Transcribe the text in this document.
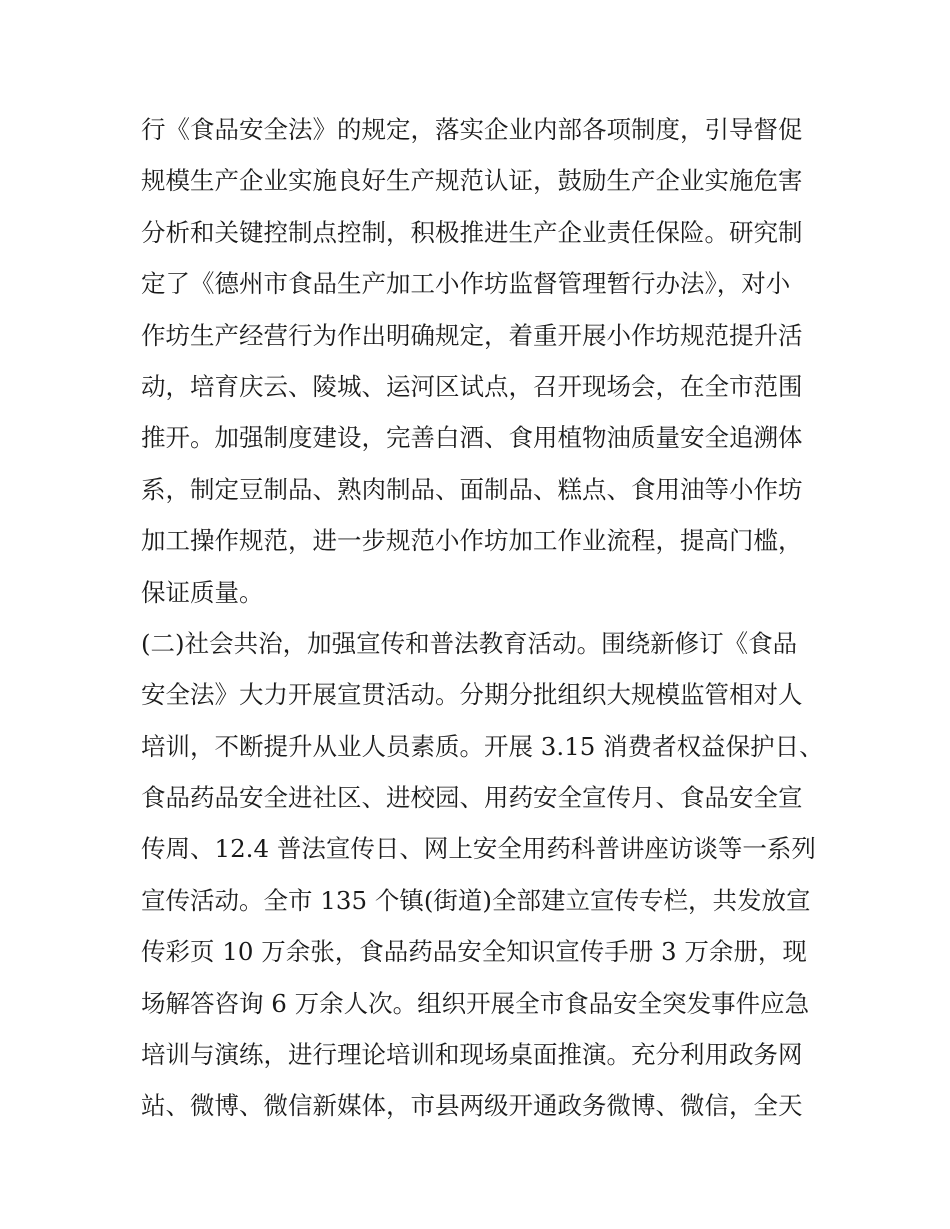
行《食品安全法》的规定，落实企业内部各项制度，引导督促
规模生产企业实施良好生产规范认证，鼓励生产企业实施危害
分析和关键控制点控制，积极推进生产企业责任保险。研究制
定了《德州市食品生产加工小作坊监督管理暂行办法》，对小
作坊生产经营行为作出明确规定，着重开展小作坊规范提升活
动，培育庆云、陵城、运河区试点，召开现场会，在全市范围
推开。加强制度建设，完善白酒、食用植物油质量安全追溯体
系，制定豆制品、熟肉制品、面制品、糕点、食用油等小作坊
加工操作规范，进一步规范小作坊加工作业流程，提高门槛，
保证质量。
(二)社会共治，加强宣传和普法教育活动。围绕新修订《食品
安全法》大力开展宣贯活动。分期分批组织大规模监管相对人
培训，不断提升从业人员素质。开展 3.15 消费者权益保护日、
食品药品安全进社区、进校园、用药安全宣传月、食品安全宣
传周、12.4 普法宣传日、网上安全用药科普讲座访谈等一系列
宣传活动。全市 135 个镇(街道)全部建立宣传专栏，共发放宣
传彩页 10 万余张，食品药品安全知识宣传手册 3 万余册，现
场解答咨询 6 万余人次。组织开展全市食品安全突发事件应急
培训与演练，进行理论培训和现场桌面推演。充分利用政务网
站、微博、微信新媒体，市县两级开通政务微博、微信，全天
